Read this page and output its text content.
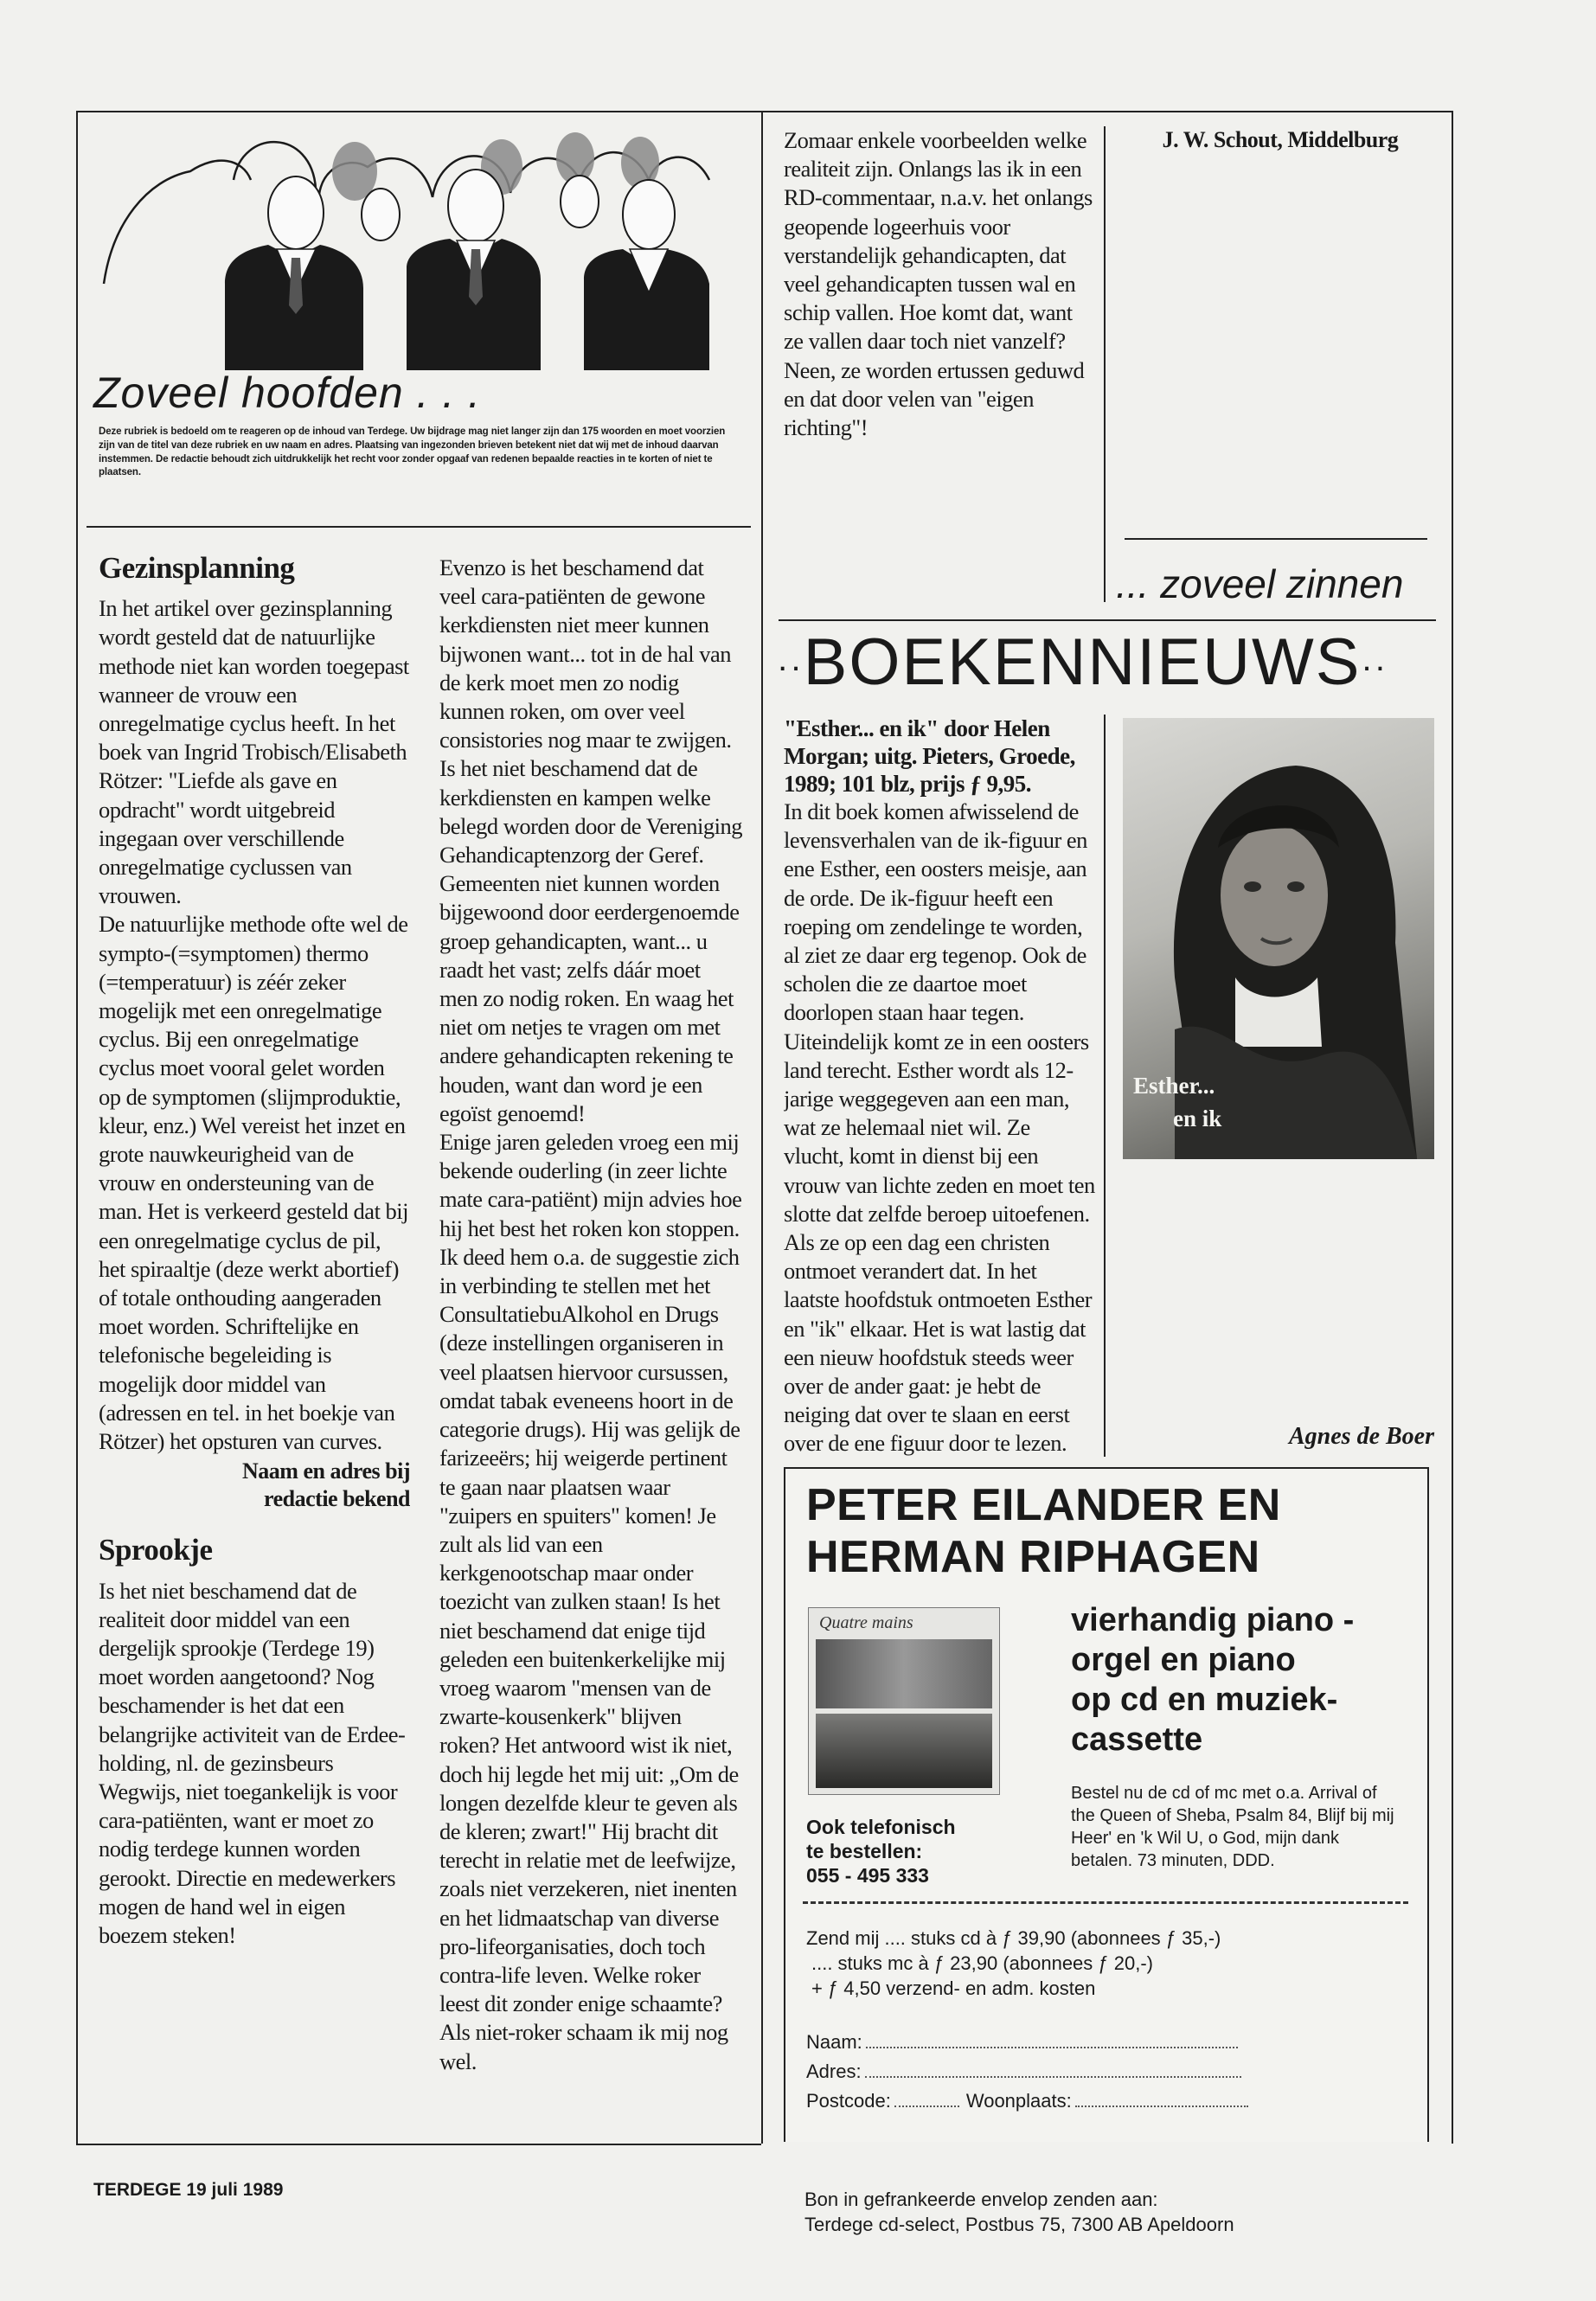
Zoveel hoofden . . .
Deze rubriek is bedoeld om te reageren op de inhoud van Terdege. Uw bijdrage mag niet langer zijn dan 175 woorden en moet voorzien zijn van de titel van deze rubriek en uw naam en adres. Plaatsing van ingezonden brieven betekent niet dat wij met de inhoud daarvan instemmen. De redactie behoudt zich uitdrukkelijk het recht voor zonder opgaaf van redenen bepaalde reacties in te korten of niet te plaatsen.
Gezinsplanning

In het artikel over gezinsplanning wordt gesteld dat de natuurlijke methode niet kan worden toegepast wanneer de vrouw een onregelmatige cyclus heeft. In het boek van Ingrid Trobisch/Elisabeth Rötzer: "Liefde als gave en opdracht" wordt uitgebreid ingegaan over verschillende onregelmatige cyclussen van vrouwen.

De natuurlijke methode ofte wel de sympto-(=symptomen) thermo (=temperatuur) is zéér zeker mogelijk met een onregelmatige cyclus. Bij een onregelmatige cyclus moet vooral gelet worden op de symptomen (slijmproduktie, kleur, enz.) Wel vereist het inzet en grote nauwkeurigheid van de vrouw en ondersteuning van de man. Het is verkeerd gesteld dat bij een onregelmatige cyclus de pil, het spiraaltje (deze werkt abortief) of totale onthouding aangeraden moet worden. Schriftelijke en telefonische begeleiding is mogelijk door middel van (adressen en tel. in het boekje van Rötzer) het opsturen van curves.

Naam en adres bij
redactie bekend
Sprookje

Is het niet beschamend dat de realiteit door middel van een dergelijk sprookje (Terdege 19) moet worden aangetoond? Nog beschamender is het dat een belangrijke activiteit van de Erdee-holding, nl. de gezinsbeurs Wegwijs, niet toegankelijk is voor cara-patiënten, want er moet zo nodig terdege kunnen worden gerookt. Directie en medewerkers mogen de hand wel in eigen boezem steken!

Evenzo is het beschamend dat veel cara-patiënten de gewone kerkdiensten niet meer kunnen bijwonen want... tot in de hal van de kerk moet men zo nodig kunnen roken, om over veel consistories nog maar te zwijgen. Is het niet beschamend dat de kerkdiensten en kampen welke belegd worden door de Vereniging Gehandicaptenzorg der Geref. Gemeenten niet kunnen worden bijgewoond door eerdergenoemde groep gehandicapten, want... u raadt het vast; zelfs dáár moet men zo nodig roken. En waag het niet om netjes te vragen om met andere gehandicapten rekening te houden, want dan word je een egoïst genoemd!

Enige jaren geleden vroeg een mij bekende ouderling (in zeer lichte mate cara-patiënt) mijn advies hoe hij het best het roken kon stoppen. Ik deed hem o.a. de suggestie zich in verbinding te stellen met het ConsultatiebuAlkohol en Drugs (deze instellingen organiseren in veel plaatsen hiervoor cursussen, omdat tabak eveneens hoort in de categorie drugs). Hij was gelijk de farizeeërs; hij weigerde pertinent te gaan naar plaatsen waar "zuipers en spuiters" komen! Je zult als lid van een kerkgenootschap maar onder toezicht van zulken staan! Is het niet beschamend dat enige tijd geleden een buitenkerkelijke mij vroeg waarom "mensen van de zwarte-kousenkerk" blijven roken? Het antwoord wist ik niet, doch hij legde het mij uit: „Om de longen dezelfde kleur te geven als de kleren; zwart!" Hij bracht dit terecht in relatie met de leefwijze, zoals niet verzekeren, niet inenten en het lidmaatschap van diverse pro-lifeorganisaties, doch toch contra-life leven. Welke roker leest dit zonder enige schaamte? Als niet-roker schaam ik mij nog wel.

Zomaar enkele voorbeelden welke realiteit zijn. Onlangs las ik in een RD-commentaar, n.a.v. het onlangs geopende logeerhuis voor verstandelijk gehandicapten, dat veel gehandicapten tussen wal en schip vallen. Hoe komt dat, want ze vallen daar toch niet vanzelf? Neen, ze worden ertussen geduwd en dat door velen van "eigen richting"!

J. W. Schout, Middelburg
... zoveel zinnen
··BOEKENNIEUWS··

"Esther... en ik" door Helen Morgan; uitg. Pieters, Groede, 1989; 101 blz, prijs ƒ 9,95.

In dit boek komen afwisselend de levensverhalen van de ik-figuur en ene Esther, een oosters meisje, aan de orde. De ik-figuur heeft een roeping om zendelinge te worden, al ziet ze daar erg tegenop. Ook de scholen die ze daartoe moet doorlopen staan haar tegen. Uiteindelijk komt ze in een oosters land terecht. Esther wordt als 12-jarige weggegeven aan een man, wat ze helemaal niet wil. Ze vlucht, komt in dienst bij een vrouw van lichte zeden en moet ten slotte dat zelfde beroep uitoefenen. Als ze op een dag een christen ontmoet verandert dat. In het laatste hoofdstuk ontmoeten Esther en "ik" elkaar. Het is wat lastig dat een nieuw hoofdstuk steeds weer over de ander gaat: je hebt de neiging dat over te slaan en eerst over de ene figuur door te lezen.

Esther...
en ik
Agnes de Boer
PETER EILANDER EN
HERMAN RIPHAGEN
Quatre mains	vierhandig piano -
orgel en piano
op cd en muziek-
cassette
Ook telefonisch
te bestellen:
055 - 495 333
Bestel nu de cd of mc met o.a. Arrival of the Queen of Sheba, Psalm 84, Blijf bij mij Heer' en 'k Wil U, o God, mijn dank betalen. 73 minuten, DDD.
Zend mij .... stuks cd à ƒ 39,90 (abonnees ƒ 35,-)
.... stuks mc à ƒ 23,90 (abonnees ƒ 20,-)
+ ƒ 4,50 verzend- en adm. kosten
Naam:
Adres:
Postcode:	Woonplaats:
Bon in gefrankeerde envelop zenden aan:
Terdege cd-select, Postbus 75, 7300 AB Apeldoorn
TERDEGE 19 juli 1989
